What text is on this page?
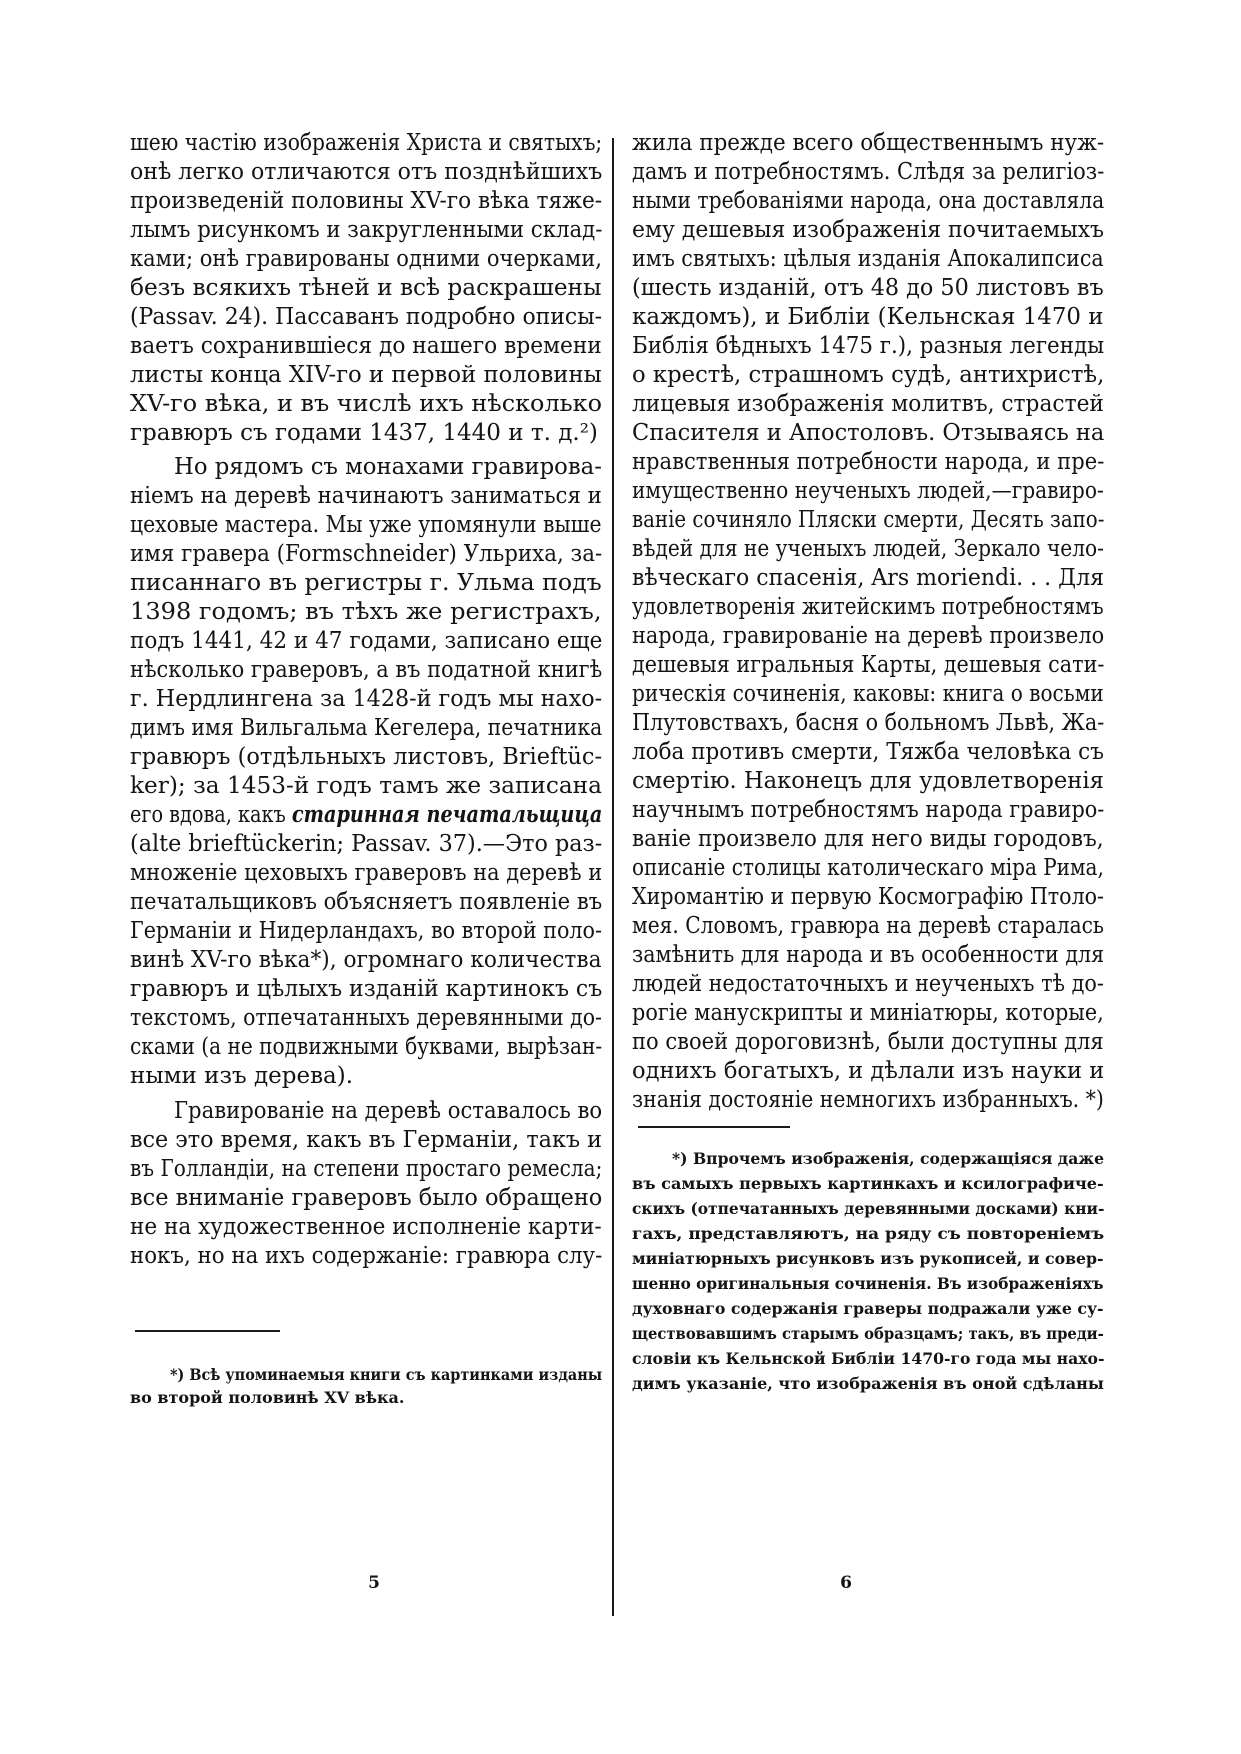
шею частію изображенія Христа и святыхъ;
онѣ легко отличаются отъ позднѣйшихъ
произведеній половины XV-го вѣка тяже-
лымъ рисункомъ и закругленными склад-
ками; онѣ гравированы одними очерками,
безъ всякихъ тѣней и всѣ раскрашены
(Passav. 24). Пассаванъ подробно описы-
ваетъ сохранившіеся до нашего времени
листы конца XIV-го и первой половины
XV-го вѣка, и въ числѣ ихъ нѣсколько
гравюръ съ годами 1437, 1440 и т. д.²)
Но рядомъ съ монахами гравирова-
ніемъ на деревѣ начинаютъ заниматься и
цеховые мастера. Мы уже упомянули выше
имя гравера (Formschneider) Ульриха, за-
писаннаго въ регистры г. Ульма подъ
1398 годомъ; въ тѣхъ же регистрахъ,
подъ 1441, 42 и 47 годами, записано еще
нѣсколько граверовъ, а въ податной книгѣ
г. Нердлингена за 1428-й годъ мы нахо-
димъ имя Вильгальма Кегелера, печатника
гравюръ (отдѣльныхъ листовъ, Brieftüc-
ker); за 1453-й годъ тамъ же записана
его вдова, какъ старинная печатальщица
(alte brieftückerin; Passav. 37).—Это раз-
множеніе цеховыхъ граверовъ на деревѣ и
печатальщиковъ объясняетъ появленіе въ
Германіи и Нидерландахъ, во второй поло-
винѣ XV-го вѣка*), огромнаго количества
гравюръ и цѣлыхъ изданій картинокъ съ
текстомъ, отпечатанныхъ деревянными до-
сками (а не подвижными буквами, вырѣзан-
ными изъ дерева).
Гравированіе на деревѣ оставалось во
все это время, какъ въ Германіи, такъ и
въ Голландіи, на степени простаго ремесла;
все вниманіе граверовъ было обращено
не на художественное исполненіе карти-
нокъ, но на ихъ содержаніе: гравюра слу-
*) Всѣ упоминаемыя книги съ картинками изданы
во второй половинѣ XV вѣка.
жила прежде всего общественнымъ нуж-
дамъ и потребностямъ. Слѣдя за религіоз-
ными требованіями народа, она доставляла
ему дешевыя изображенія почитаемыхъ
имъ святыхъ: цѣлыя изданія Апокалипсиса
(шесть изданій, отъ 48 до 50 листовъ въ
каждомъ), и Библіи (Кельнская 1470 и
Библія бѣдныхъ 1475 г.), разныя легенды
о крестѣ, страшномъ судѣ, антихристѣ,
лицевыя изображенія молитвъ, страстей
Спасителя и Апостоловъ. Отзываясь на
нравственныя потребности народа, и пре-
имущественно неученыхъ людей,—гравиро-
ваніе сочиняло Пляски смерти, Десять запо-
вѣдей для не ученыхъ людей, Зеркало чело-
вѣческаго спасенія, Ars moriendi. . . Для
удовлетворенія житейскимъ потребностямъ
народа, гравированіе на деревѣ произвело
дешевыя игральныя Карты, дешевыя сати-
рическія сочиненія, каковы: книга о восьми
Плутовствахъ, басня о больномъ Львѣ, Жа-
лоба противъ смерти, Тяжба человѣка съ
смертію. Наконецъ для удовлетворенія
научнымъ потребностямъ народа гравиро-
ваніе произвело для него виды городовъ,
описаніе столицы католическаго міра Рима,
Хиромантію и первую Космографію Птоло-
мея. Словомъ, гравюра на деревѣ старалась
замѣнить для народа и въ особенности для
людей недостаточныхъ и неученыхъ тѣ до-
рогіе манускрипты и миніатюры, которые,
по своей дороговизнѣ, были доступны для
однихъ богатыхъ, и дѣлали изъ науки и
знанія достояніе немногихъ избранныхъ. *)
*) Впрочемъ изображенія, содержащіяся даже
въ самыхъ первыхъ картинкахъ и ксилографиче-
скихъ (отпечатанныхъ деревянными досками) кни-
гахъ, представляютъ, на ряду съ повтореніемъ
миніатюрныхъ рисунковъ изъ рукописей, и совер-
шенно оригинальныя сочиненія. Въ изображеніяхъ
духовнаго содержанія граверы подражали уже су-
ществовавшимъ старымъ образцамъ; такъ, въ преди-
словіи къ Кельнской Библіи 1470-го года мы нахо-
димъ указаніе, что изображенія въ оной сдѣланы
5	6
